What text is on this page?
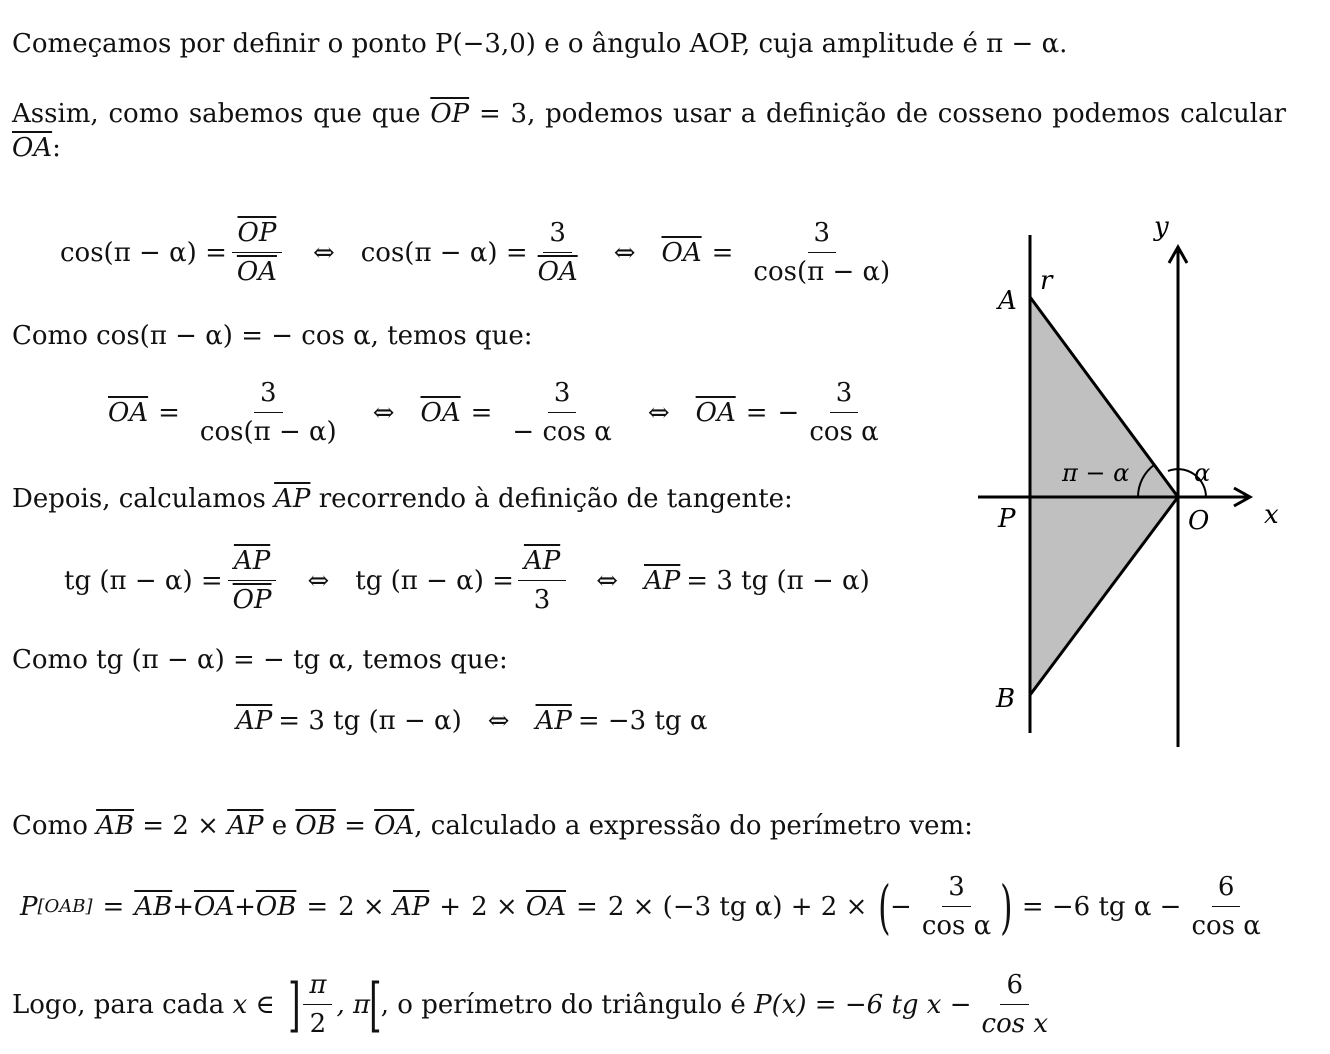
Começamos por definir o ponto P(−3,0) e o ângulo AOP, cuja amplitude é π − α.
Assim, como sabemos que que $\overline{OP} = 3$, podemos usar a definição de cosseno podemos calcular $\overline{OA}$:
$\cos(\pi - \alpha) = \frac{\overline{OP}}{OA}$ ⇔ $\cos(\pi - \alpha) = \frac{3}{OA}$ ⇔ $\overline{OA} = \frac{3}{\cos(\pi - \alpha)}$
Como cos(π − α) = − cos α, temos que:
$\overline{OA} = \frac{3}{\cos(\pi - \alpha)}$ ⇔ $\overline{OA} = \frac{3}{\text{− cos α}}$ ⇔ $\overline{OA}$ = − $\frac{3}{\text{cos α}}$
Depois, calculamos $\overline{AP}$ recorrendo à definição de tangente:
tg $(\pi - \alpha) = \frac{\overline{AP}}{OP}$ ⇔ tg $(\pi - \alpha) = \frac{\overline{AP}}{3}$ ⇔ $\overline{AP} = 3$ tg (π − α)
Como tg (π − α) = − tg α, temos que:
$\overline{AP} = 3$ tg (π − α) ⇔ $\overline{AP} = -3$ tg α
Como $\overline{AB} = 2 \times \overline{AP}$ e $\overline{OB} = \overline{OA}$, calculado a expressão do perímetro vem:
P $[OAB] = \overline{AB} + \overline{OA} + \overline{OB} = 2$ ×
$\overline{AP} + 2$ ×
$\overline{OA} = 2 \times (-3$ tg α) + 2 × ( − $\frac{3}{\text{cos α}}$ ) = −6 tg $\alpha - \frac{6}{\text{cos α}}$
Logo, para cada
x ∈ ] $\frac{\pi}{2}$ , π [ , o perímetro do triângulo é
P(x) = −6 tg $x - \frac{6}{\text{cos x}}$
y
x
r
A
B
P	O
π − α	α
